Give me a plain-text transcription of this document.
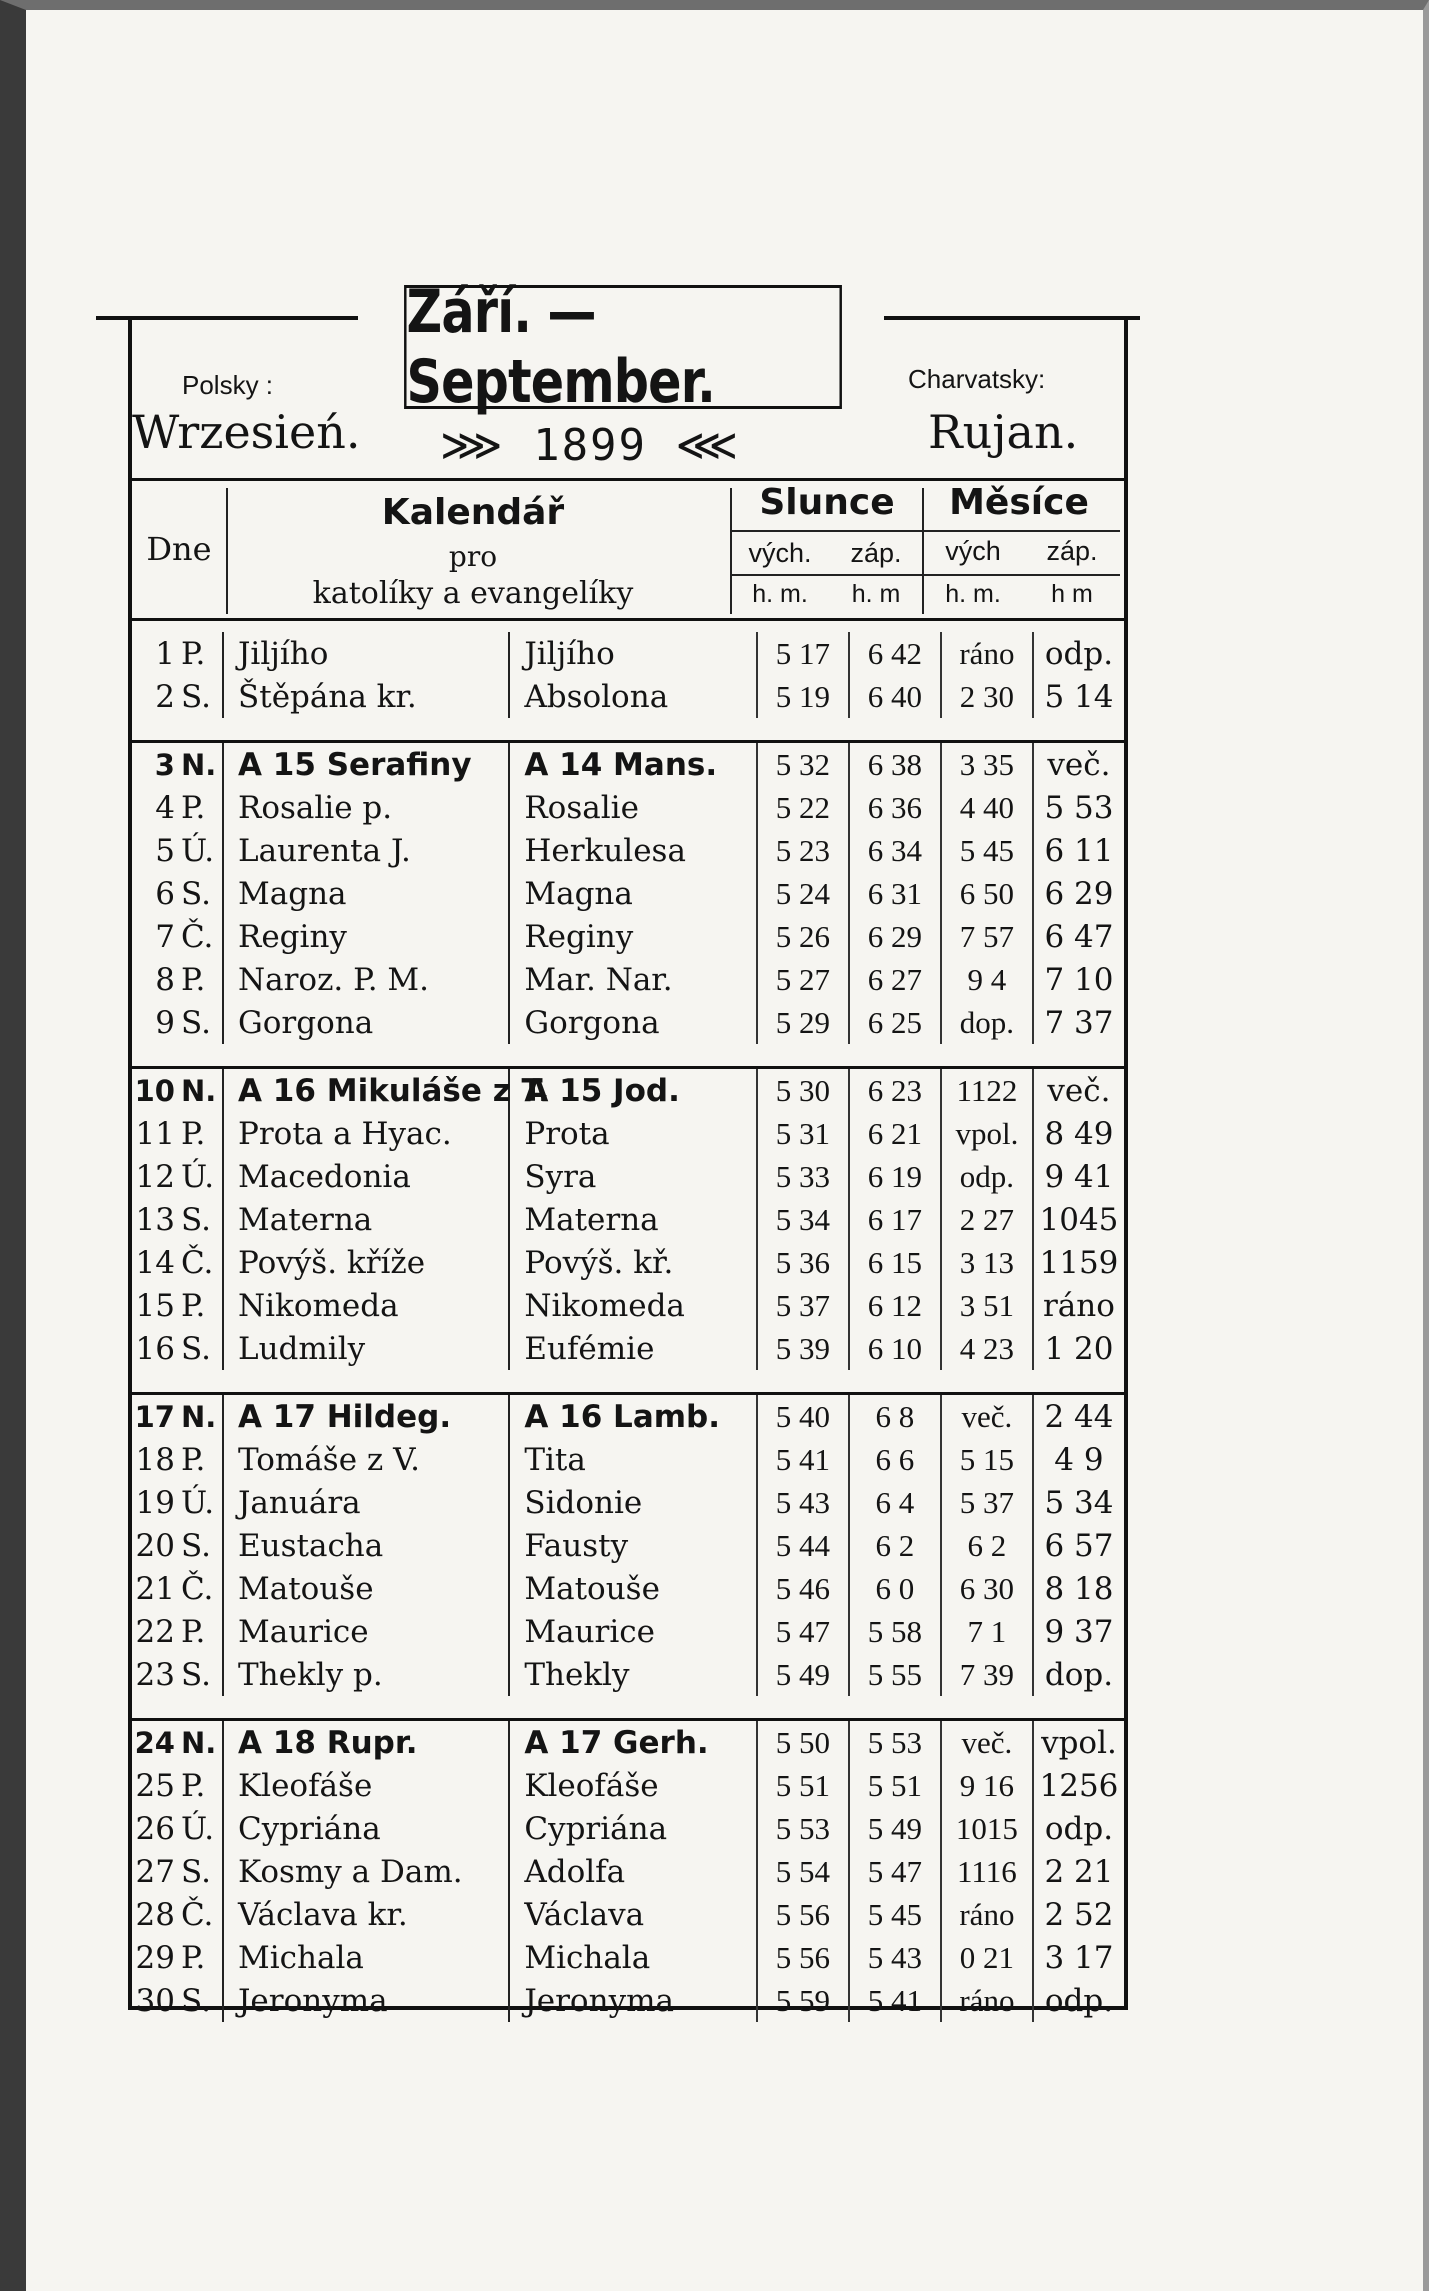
Září. — September.
Polsky :
Wrzesień.
Charvatsky:
Rujan.
⋙ 1899 ⋘
Dne
Kalendář
pro
katolíky a evangelíky
Slunce	Měsíce
vých.	záp.	vých	záp.
h. m.	h. m	h. m.	h m
1	P.	Jiljího	Jiljího	5 17	6 42	ráno	odp.
2	S.	Štěpána kr.	Absolona	5 19	6 40	2 30	5 14

3	N.	A 15 Serafiny	A 14 Mans.	5 32	6 38	3 35	več.
4	P.	Rosalie p.	Rosalie	5 22	6 36	4 40	5 53
5	Ú.	Laurenta J.	Herkulesa	5 23	6 34	5 45	6 11
6	S.	Magna	Magna	5 24	6 31	6 50	6 29
7	Č.	Reginy	Reginy	5 26	6 29	7 57	6 47
8	P.	Naroz. P. M.	Mar. Nar.	5 27	6 27	9 4	7 10
9	S.	Gorgona	Gorgona	5 29	6 25	dop.	7 37

10	N.	A 16 Mikuláše z T.	A 15 Jod.	5 30	6 23	1122	več.
11	P.	Prota a Hyac.	Prota	5 31	6 21	vpol.	8 49
12	Ú.	Macedonia	Syra	5 33	6 19	odp.	9 41
13	S.	Materna	Materna	5 34	6 17	2 27	1045
14	Č.	Povýš. kříže	Povýš. kř.	5 36	6 15	3 13	1159
15	P.	Nikomeda	Nikomeda	5 37	6 12	3 51	ráno
16	S.	Ludmily	Eufémie	5 39	6 10	4 23	1 20

17	N.	A 17 Hildeg.	A 16 Lamb.	5 40	6 8	več.	2 44
18	P.	Tomáše z V.	Tita	5 41	6 6	5 15	4 9
19	Ú.	Januára	Sidonie	5 43	6 4	5 37	5 34
20	S.	Eustacha	Fausty	5 44	6 2	6 2	6 57
21	Č.	Matouše	Matouše	5 46	6 0	6 30	8 18
22	P.	Maurice	Maurice	5 47	5 58	7 1	9 37
23	S.	Thekly p.	Thekly	5 49	5 55	7 39	dop.

24	N.	A 18 Rupr.	A 17 Gerh.	5 50	5 53	več.	vpol.
25	P.	Kleofáše	Kleofáše	5 51	5 51	9 16	1256
26	Ú.	Cypriána	Cypriána	5 53	5 49	1015	odp.
27	S.	Kosmy a Dam.	Adolfa	5 54	5 47	1116	2 21
28	Č.	Václava kr.	Václava	5 56	5 45	ráno	2 52
29	P.	Michala	Michala	5 56	5 43	0 21	3 17
30	S.	Jeronyma	Jeronyma	5 59	5 41	ráno	odp.
